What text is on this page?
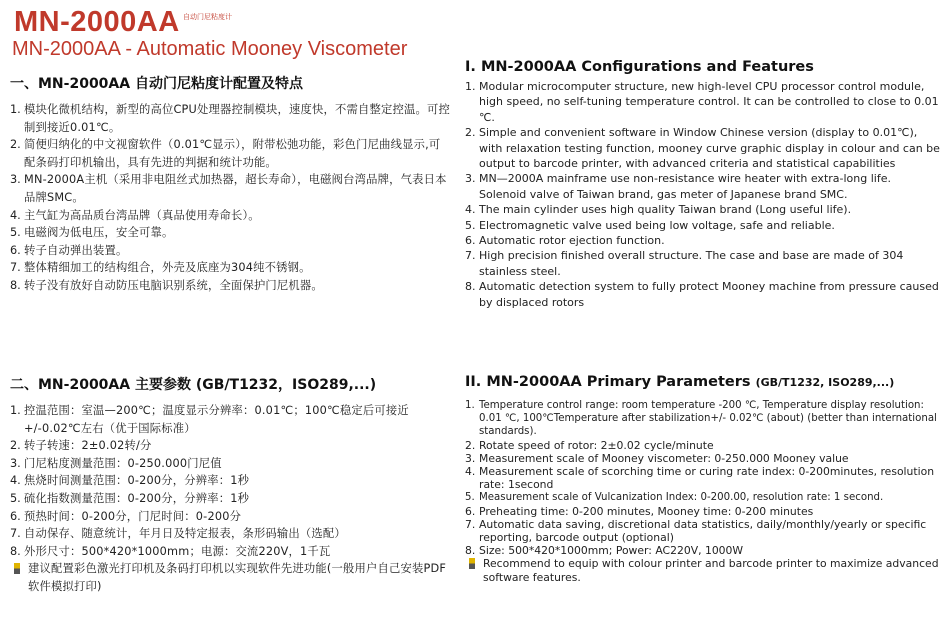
MN-2000AA 自动门尼粘度计
MN-2000AA - Automatic Mooney Viscometer
一、MN-2000AA 自动门尼粘度计配置及特点
1. 模块化微机结构，新型的高位CPU处理器控制模块，速度快，不需自整定控温。可控制到接近0.01℃。
2. 简便归纳化的中文视窗软件（0.01℃显示），附带松弛功能，彩色门尼曲线显示,可配条码打印机输出，具有先进的判据和统计功能。
3. MN-2000A主机（采用非电阻丝式加热器，超长寿命），电磁阀台湾品牌，气表日本品牌SMC。
4. 主气缸为高品质台湾品牌（真品使用寿命长）。
5. 电磁阀为低电压，安全可靠。
6. 转子自动弹出装置。
7. 整体精细加工的结构组合，外壳及底座为304纯不锈钢。
8. 转子没有放好自动防压电脑识别系统，全面保护门尼机器。
二、MN-2000AA 主要参数 (GB/T1232，ISO289,...)
1. 控温范围：室温—200℃；温度显示分辨率：0.01℃；100℃稳定后可接近+/-0.02℃左右（优于国际标准）
2. 转子转速：2±0.02转/分
3. 门尼粘度测量范围：0-250.000门尼值
4. 焦烧时间测量范围：0-200分，分辨率：1秒
5. 硫化指数测量范围：0-200分，分辨率：1秒
6. 预热时间：0-200分，门尼时间：0-200分
7. 自动保存、随意统计，年月日及特定报表，条形码输出（选配）
8. 外形尺寸：500*420*1000mm；电源：交流220V，1千瓦
建议配置彩色激光打印机及条码打印机以实现软件先进功能(一般用户自己安装PDF软件模拟打印)
I. MN-2000AA Configurations and Features
1. Modular microcomputer structure, new high-level CPU processor control module, high speed, no self-tuning temperature control. It can be controlled to close to 0.01 ℃.
2. Simple and convenient software in Window Chinese version (display to 0.01℃), with relaxation testing function, mooney curve graphic display in colour and can be output to barcode printer, with advanced criteria and statistical capabilities
3. MN—2000A mainframe use non-resistance wire heater with extra-long life. Solenoid valve of Taiwan brand, gas meter of Japanese brand SMC.
4. The main cylinder uses high quality Taiwan brand (Long useful life).
5. Electromagnetic valve used being low voltage, safe and reliable.
6. Automatic rotor ejection function.
7. High precision finished overall structure. The case and base are made of 304 stainless steel.
8. Automatic detection system to fully protect Mooney machine from pressure caused by displaced rotors
II. MN-2000AA Primary Parameters (GB/T1232, ISO289,...)
1. Temperature control range: room temperature -200 ℃, Temperature display resolution: 0.01 ℃, 100℃Temperature after stabilization+/- 0.02℃ (about) (better than international standards).
2. Rotate speed of rotor: 2±0.02 cycle/minute
3. Measurement scale of Mooney viscometer: 0-250.000 Mooney value
4. Measurement scale of scorching time or curing rate index: 0-200minutes, resolution rate: 1second
5. Measurement scale of Vulcanization Index: 0-200.00, resolution rate: 1 second.
6. Preheating time: 0-200 minutes, Mooney time: 0-200 minutes
7. Automatic data saving, discretional data statistics, daily/monthly/yearly or specific reporting, barcode output (optional)
8. Size: 500*420*1000mm; Power: AC220V, 1000W
Recommend to equip with colour printer and barcode printer to maximize advanced software features.
